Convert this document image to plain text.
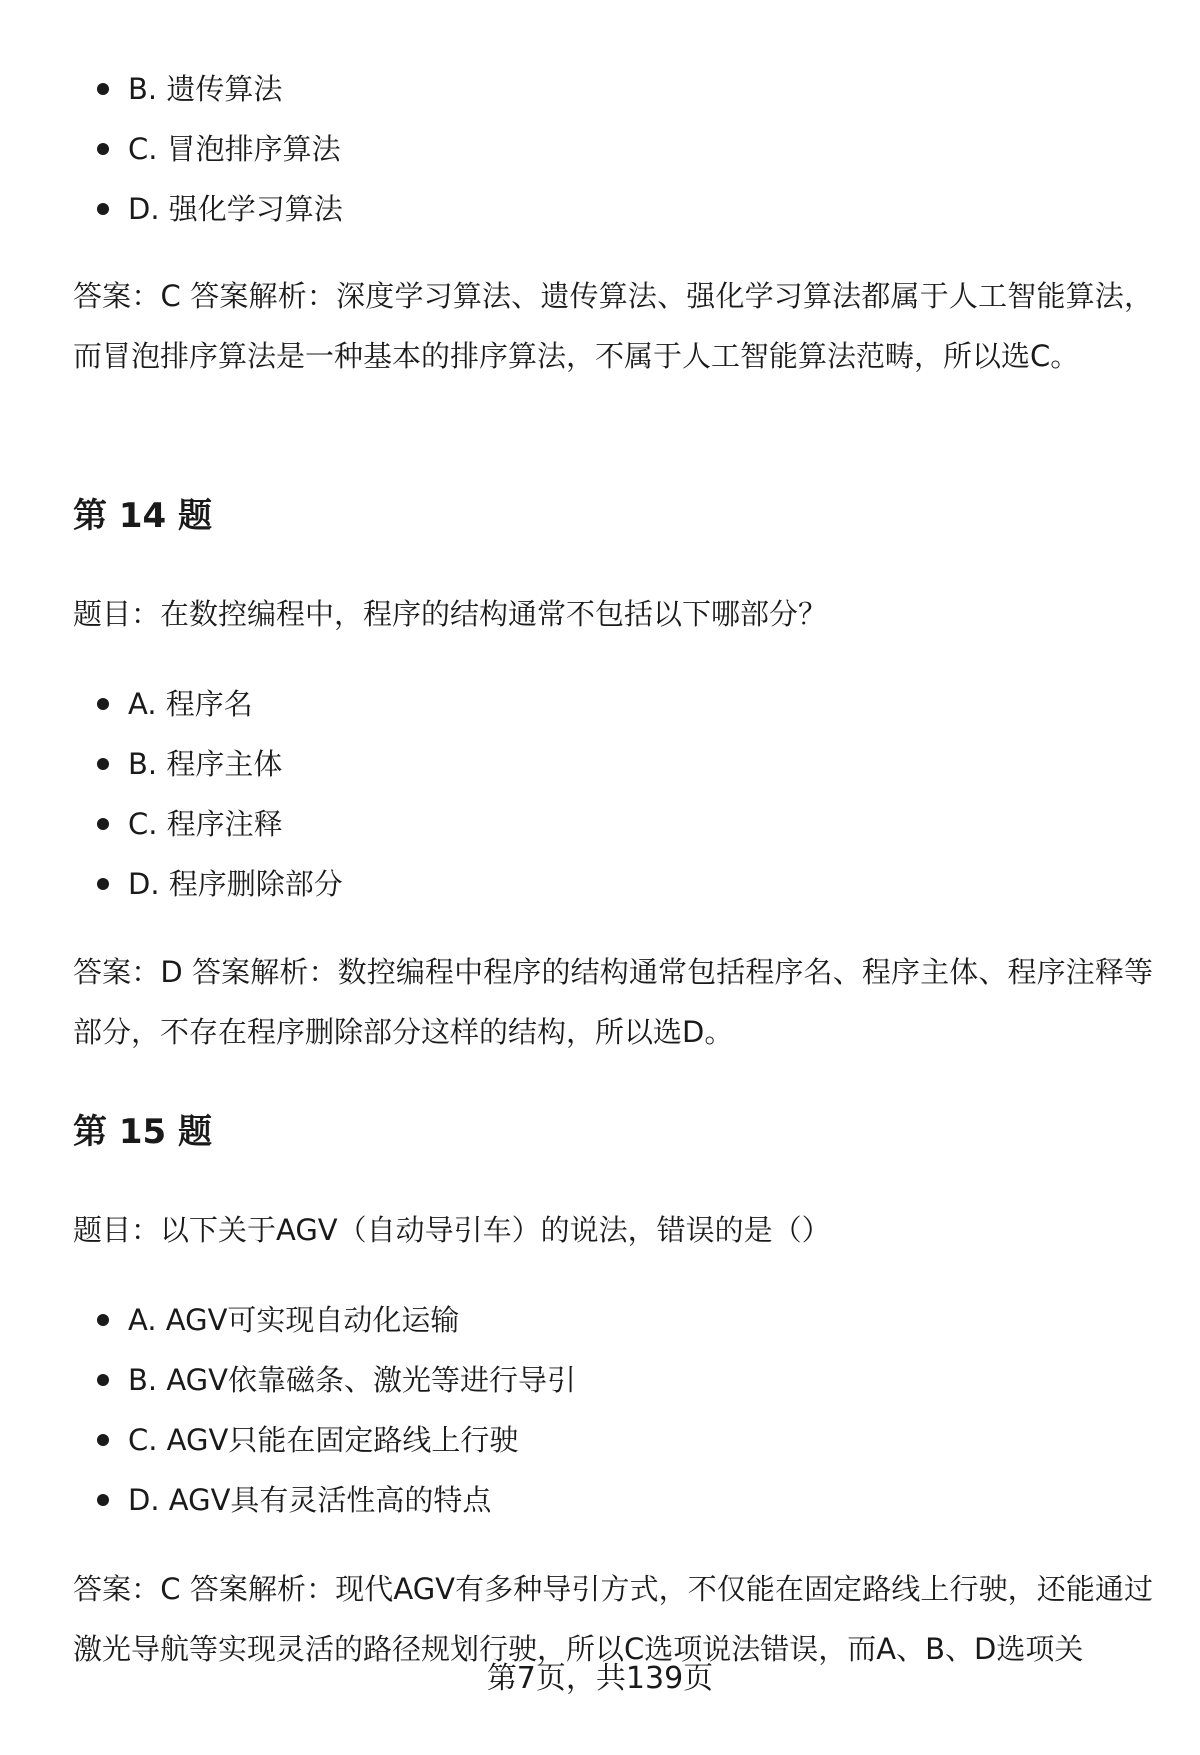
B. 遗传算法
C. 冒泡排序算法
D. 强化学习算法

答案：C 答案解析：深度学习算法、遗传算法、强化学习算法都属于人工智能算法，而冒泡排序算法是一种基本的排序算法，不属于人工智能算法范畴，所以选C。

第 14 题

题目：在数控编程中，程序的结构通常不包括以下哪部分？

A. 程序名
B. 程序主体
C. 程序注释
D. 程序删除部分

答案：D 答案解析：数控编程中程序的结构通常包括程序名、程序主体、程序注释等部分，不存在程序删除部分这样的结构，所以选D。

第 15 题

题目：以下关于AGV（自动导引车）的说法，错误的是（）

A. AGV可实现自动化运输
B. AGV依靠磁条、激光等进行导引
C. AGV只能在固定路线上行驶
D. AGV具有灵活性高的特点

答案：C 答案解析：现代AGV有多种导引方式，不仅能在固定路线上行驶，还能通过激光导航等实现灵活的路径规划行驶，所以C选项说法错误，而A、B、D选项关

第7页，共139页
